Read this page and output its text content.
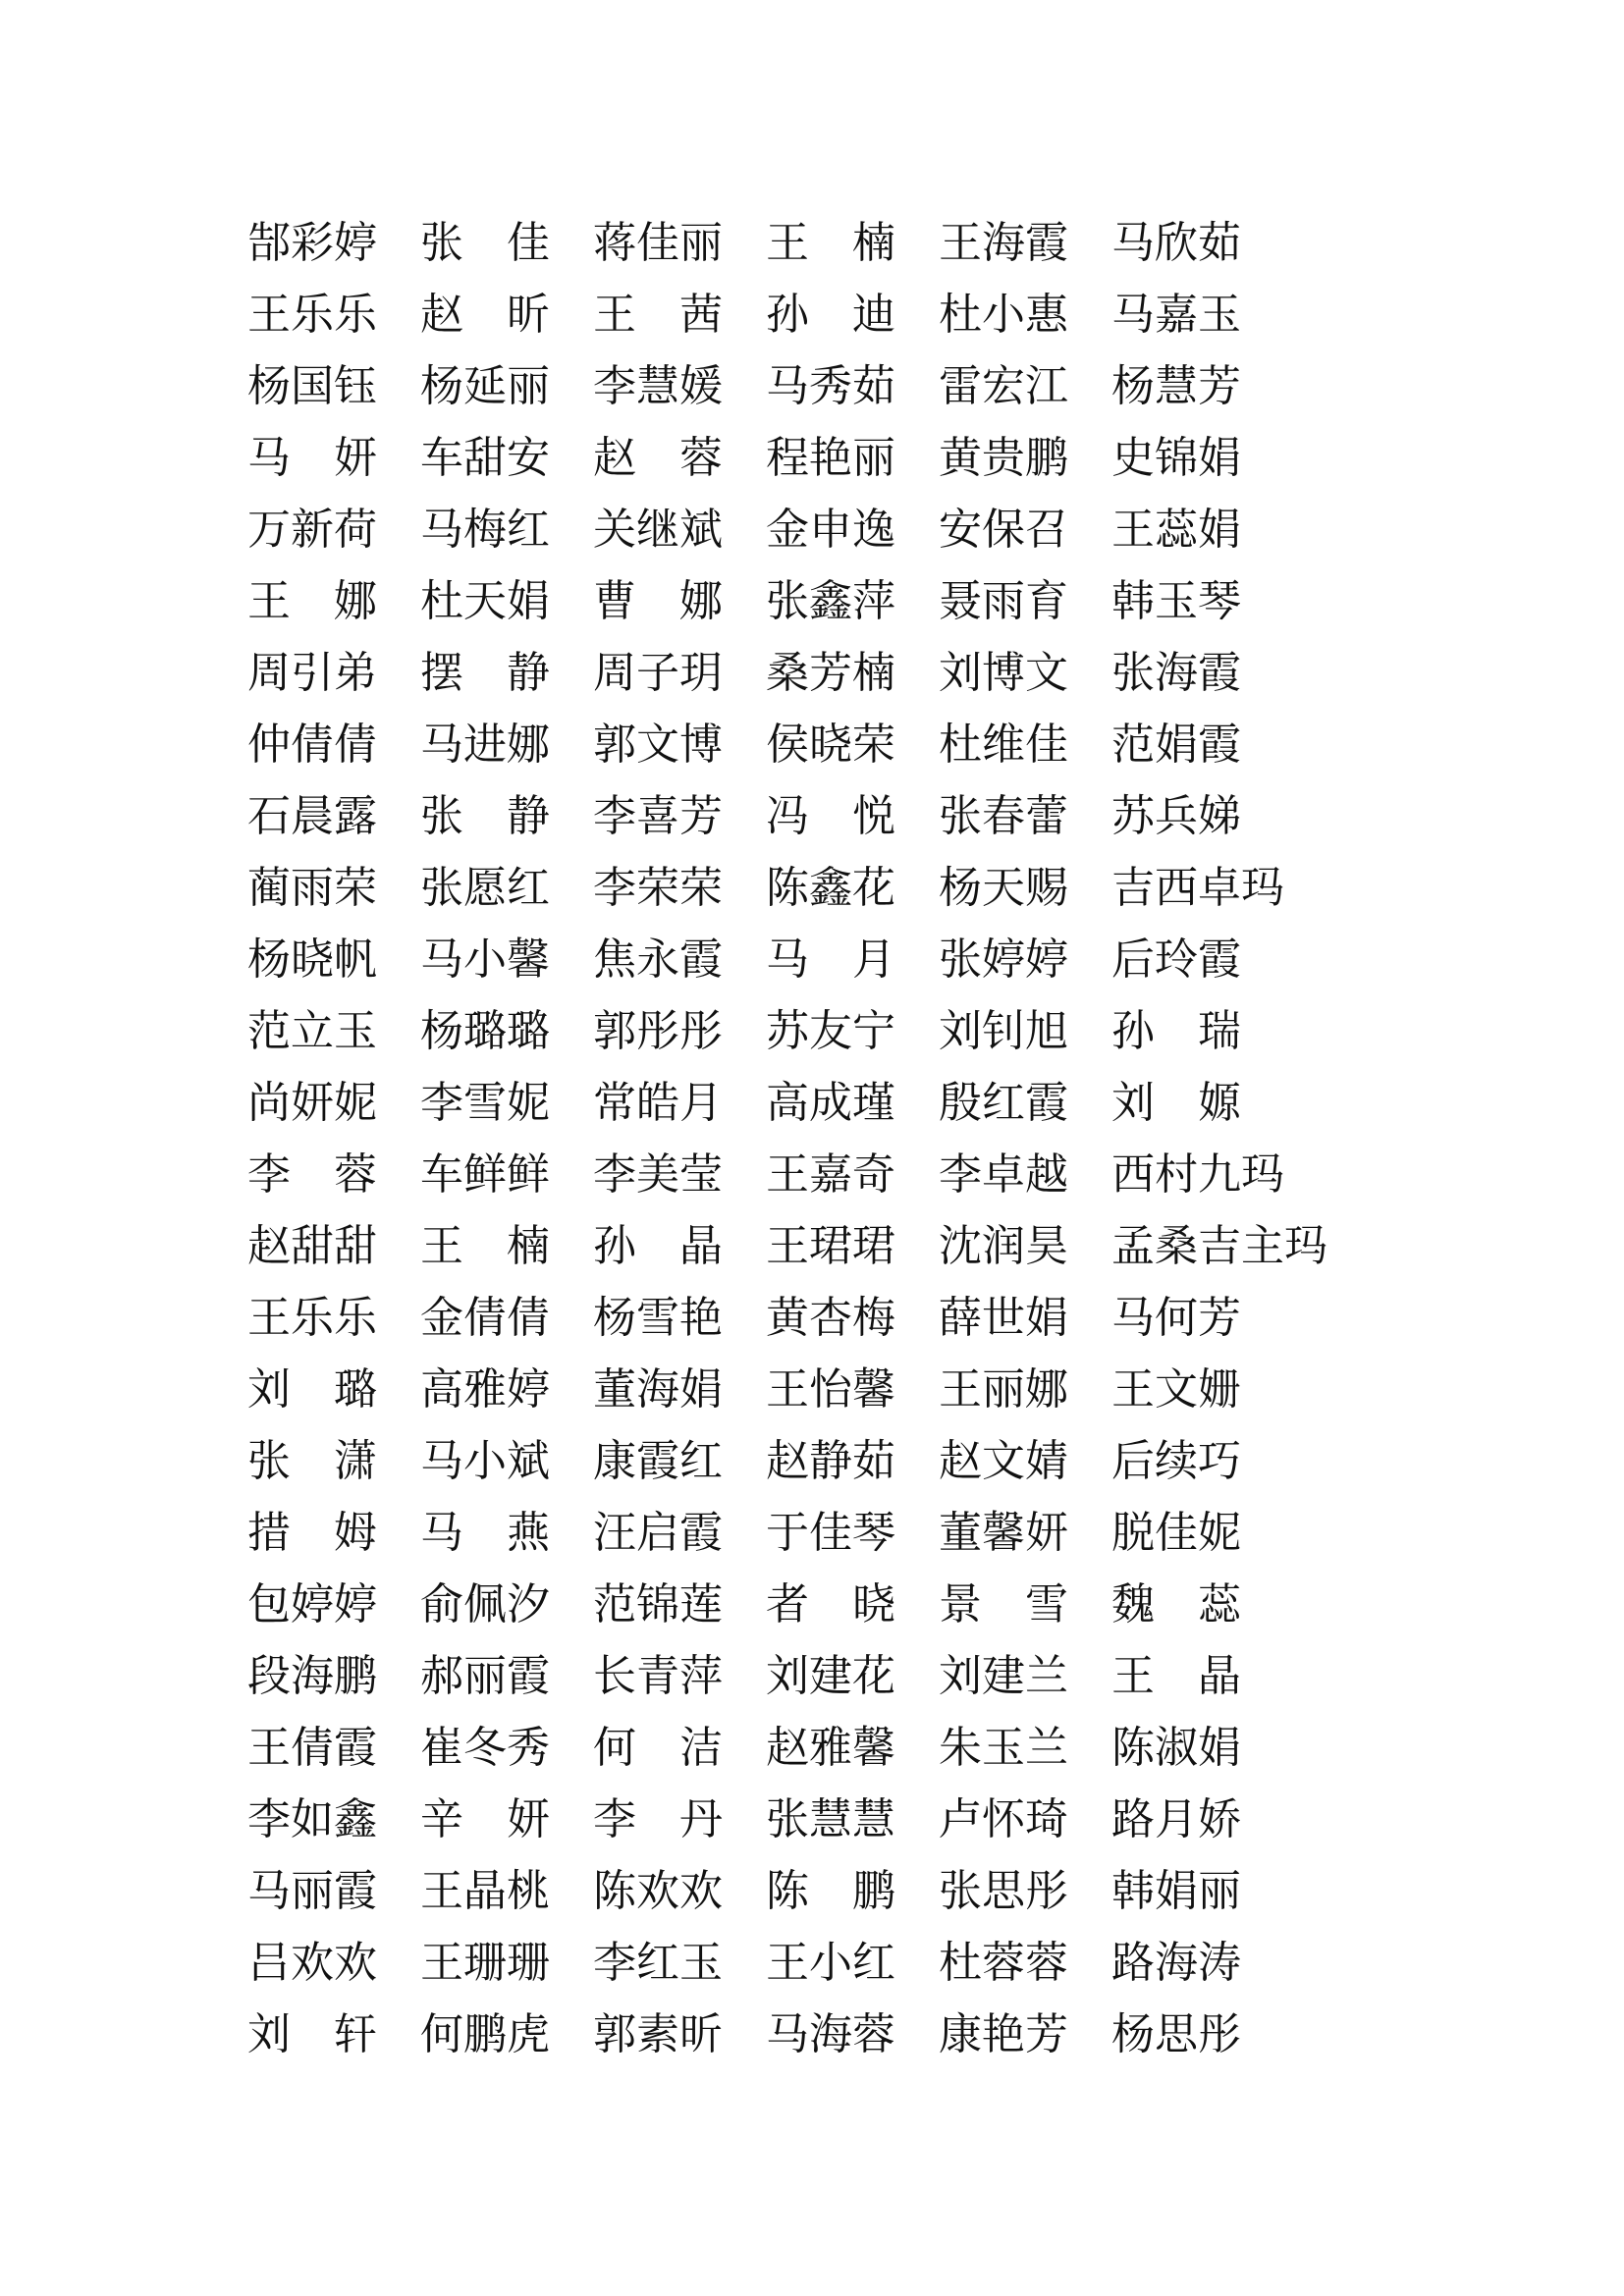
郜彩婷	张　佳	蒋佳丽	王　楠	王海霞	马欣茹
王乐乐	赵　昕	王　茜	孙　迪	杜小惠	马嘉玉
杨国钰	杨延丽	李慧媛	马秀茹	雷宏江	杨慧芳
马　妍	车甜安	赵　蓉	程艳丽	黄贵鹏	史锦娟
万新荷	马梅红	关继斌	金申逸	安保召	王蕊娟
王　娜	杜天娟	曹　娜	张鑫萍	聂雨育	韩玉琴
周引弟	摆　静	周子玥	桑芳楠	刘博文	张海霞
仲倩倩	马进娜	郭文博	侯晓荣	杜维佳	范娟霞
石晨露	张　静	李喜芳	冯　悦	张春蕾	苏兵娣
蔺雨荣	张愿红	李荣荣	陈鑫花	杨天赐	吉西卓玛
杨晓帆	马小馨	焦永霞	马　月	张婷婷	后玲霞
范立玉	杨璐璐	郭彤彤	苏友宁	刘钊旭	孙　瑞
尚妍妮	李雪妮	常皓月	高成瑾	殷红霞	刘　嫄
李　蓉	车鲜鲜	李美莹	王嘉奇	李卓越	西村九玛
赵甜甜	王　楠	孙　晶	王珺珺	沈润昊	孟桑吉主玛
王乐乐	金倩倩	杨雪艳	黄杏梅	薛世娟	马何芳
刘　璐	高雅婷	董海娟	王怡馨	王丽娜	王文姗
张　潇	马小斌	康霞红	赵静茹	赵文婧	后续巧
措　姆	马　燕	汪启霞	于佳琴	董馨妍	脱佳妮
包婷婷	俞佩汐	范锦莲	者　晓	景　雪	魏　蕊
段海鹏	郝丽霞	长青萍	刘建花	刘建兰	王　晶
王倩霞	崔冬秀	何　洁	赵雅馨	朱玉兰	陈淑娟
李如鑫	辛　妍	李　丹	张慧慧	卢怀琦	路月娇
马丽霞	王晶桃	陈欢欢	陈　鹏	张思彤	韩娟丽
吕欢欢	王珊珊	李红玉	王小红	杜蓉蓉	路海涛
刘　轩	何鹏虎	郭素昕	马海蓉	康艳芳	杨思彤
